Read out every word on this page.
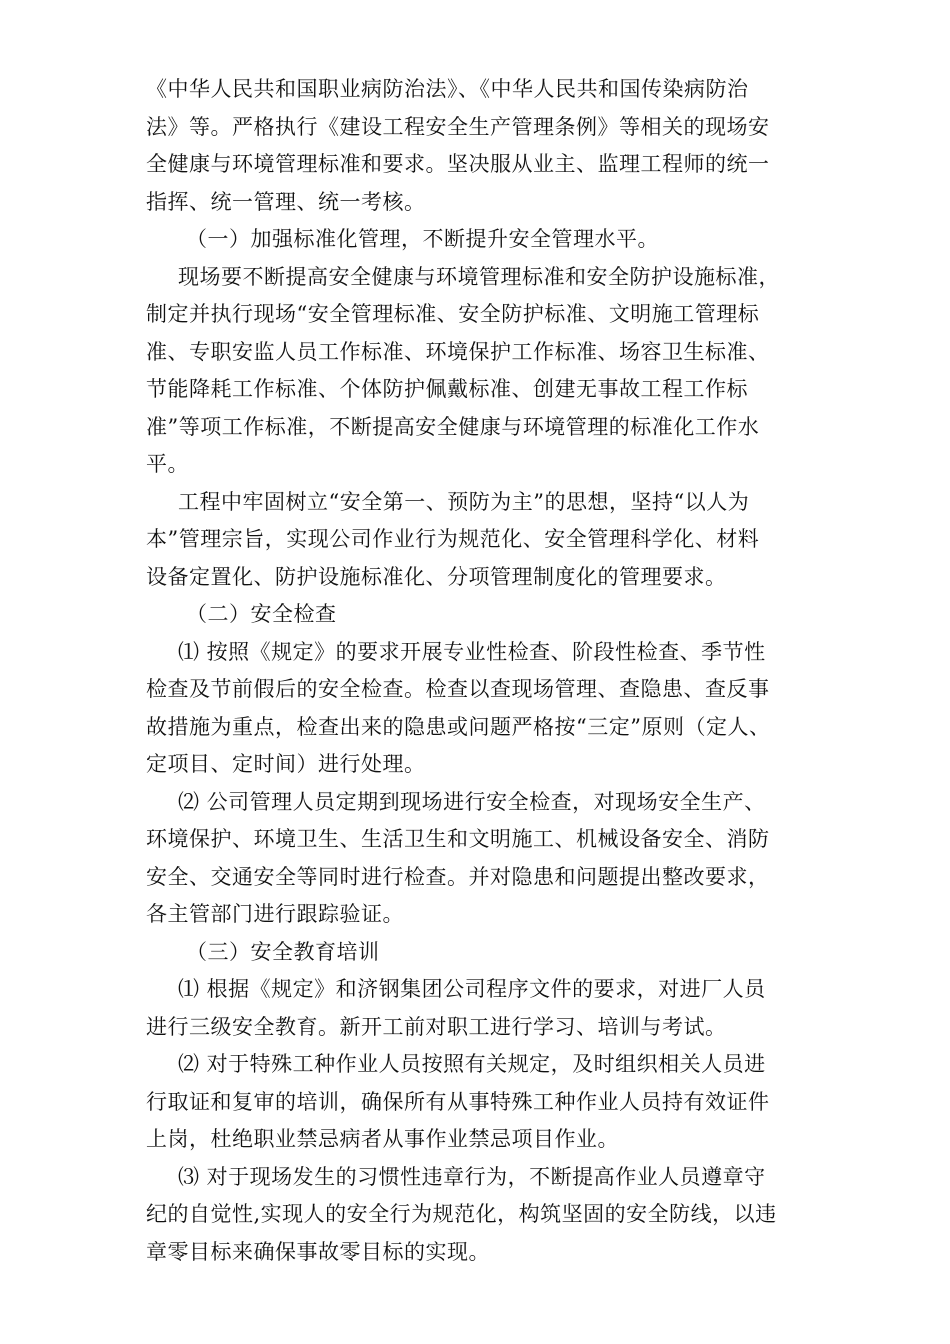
《中华人民共和国职业病防治法》、《中华人民共和国传染病防治
法》等。严格执行《建设工程安全生产管理条例》等相关的现场安
全健康与环境管理标准和要求。坚决服从业主、监理工程师的统一
指挥、统一管理、统一考核。
（一）加强标准化管理，不断提升安全管理水平。
现场要不断提高安全健康与环境管理标准和安全防护设施标准，
制定并执行现场“安全管理标准、安全防护标准、文明施工管理标
准、专职安监人员工作标准、环境保护工作标准、场容卫生标准、
节能降耗工作标准、个体防护佩戴标准、创建无事故工程工作标
准”等项工作标准，不断提高安全健康与环境管理的标准化工作水
平。
工程中牢固树立“安全第一、预防为主”的思想，坚持“以人为
本”管理宗旨，实现公司作业行为规范化、安全管理科学化、材料
设备定置化、防护设施标准化、分项管理制度化的管理要求。
（二）安全检查
⑴ 按照《规定》的要求开展专业性检查、阶段性检查、季节性
检查及节前假后的安全检查。检查以查现场管理、查隐患、查反事
故措施为重点，检查出来的隐患或问题严格按“三定”原则（定人、
定项目、定时间）进行处理。
⑵ 公司管理人员定期到现场进行安全检查，对现场安全生产、
环境保护、环境卫生、生活卫生和文明施工、机械设备安全、消防
安全、交通安全等同时进行检查。并对隐患和问题提出整改要求，
各主管部门进行跟踪验证。
（三）安全教育培训
⑴ 根据《规定》和济钢集团公司程序文件的要求，对进厂人员
进行三级安全教育。新开工前对职工进行学习、培训与考试。
⑵ 对于特殊工种作业人员按照有关规定，及时组织相关人员进
行取证和复审的培训，确保所有从事特殊工种作业人员持有效证件
上岗，杜绝职业禁忌病者从事作业禁忌项目作业。
⑶ 对于现场发生的习惯性违章行为，不断提高作业人员遵章守
纪的自觉性,实现人的安全行为规范化，构筑坚固的安全防线，以违
章零目标来确保事故零目标的实现。
